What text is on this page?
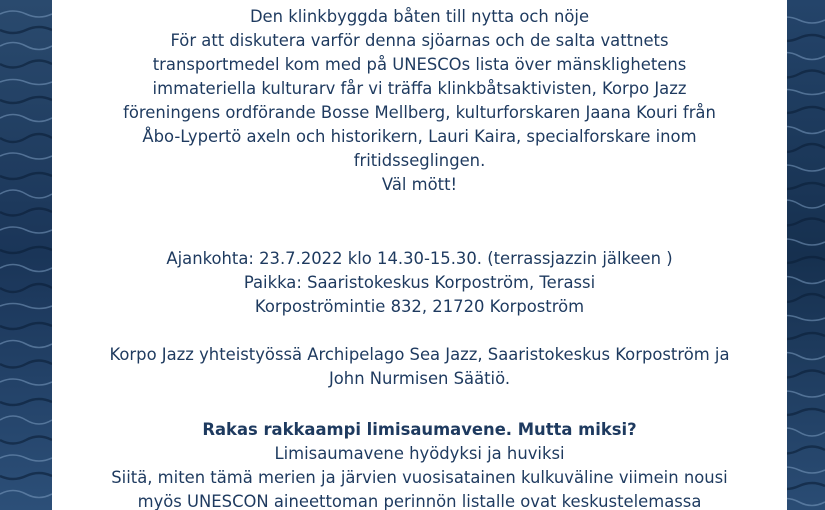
Den klinkbyggda båten till nytta och nöje

För att diskutera varför denna sjöarnas och de salta vattnets
transportmedel kom med på UNESCOs lista över mänsklighetens
immateriella kulturarv får vi träffa klinkbåtsaktivisten, Korpo Jazz
föreningens ordförande Bosse Mellberg, kulturforskaren Jaana Kouri från
Åbo-Lypertö axeln och historikern, Lauri Kaira, specialforskare inom
fritidsseglingen.

Väl mött!

Ajankohta: 23.7.2022 klo 14.30-15.30. (terrassjazzin jälkeen )

Paikka: Saaristokeskus Korpoström, Terassi

Korpoströmintie 832, 21720 Korpoström

Korpo Jazz yhteistyössä Archipelago Sea Jazz, Saaristokeskus Korpoström ja
John Nurmisen Säätiö.

Rakas rakkaampi limisaumavene. Mutta miksi?

Limisaumavene hyödyksi ja huviksi

Siitä, miten tämä merien ja järvien vuosisatainen kulkuväline viimein nousi
myös UNESCON aineettoman perinnön listalle ovat keskustelemassa
